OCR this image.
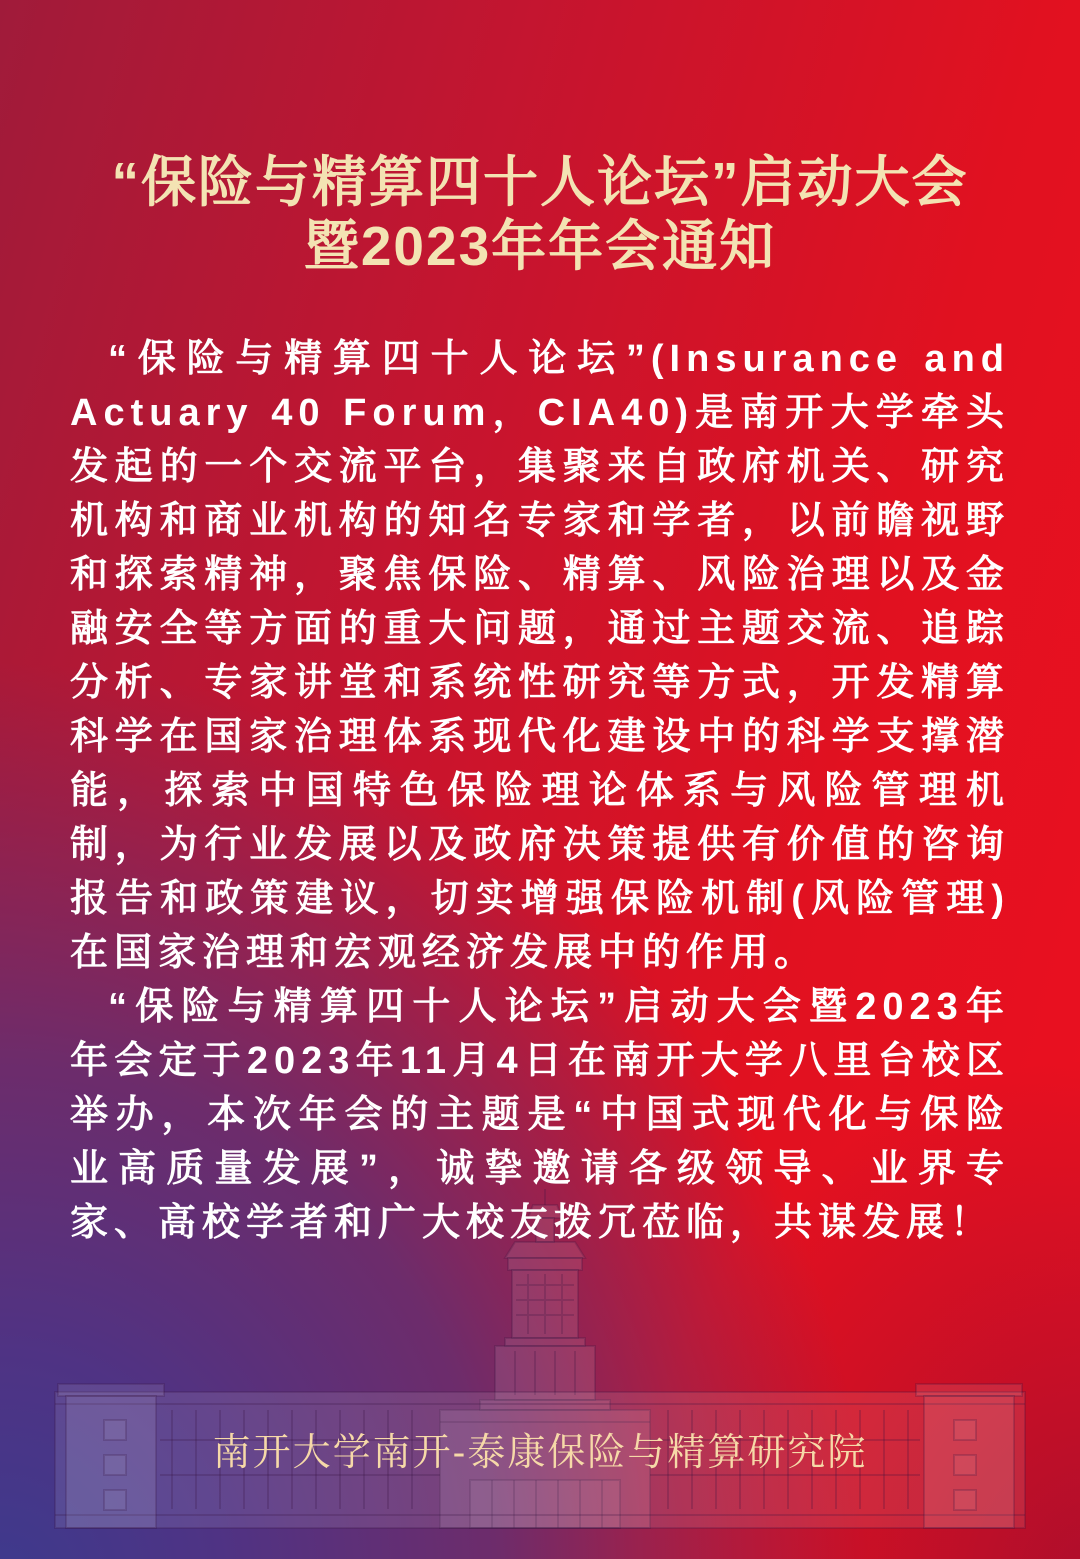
“保险与精算四十人论坛”启动大会
暨2023年年会通知

“保险与精算四十人论坛”(Insurance and Actuary 40 Forum，CIA40)是南开大学牵头发起的一个交流平台，集聚来自政府机关、研究机构和商业机构的知名专家和学者，以前瞻视野和探索精神，聚焦保险、精算、风险治理以及金融安全等方面的重大问题，通过主题交流、追踪分析、专家讲堂和系统性研究等方式，开发精算科学在国家治理体系现代化建设中的科学支撑潜能，探索中国特色保险理论体系与风险管理机制，为行业发展以及政府决策提供有价值的咨询报告和政策建议，切实增强保险机制(风险管理)在国家治理和宏观经济发展中的作用。

“保险与精算四十人论坛”启动大会暨2023年年会定于2023年11月4日在南开大学八里台校区举办，本次年会的主题是“中国式现代化与保险业高质量发展”，诚挚邀请各级领导、业界专家、高校学者和广大校友拨冗莅临，共谋发展！

南开大学南开-泰康保险与精算研究院
